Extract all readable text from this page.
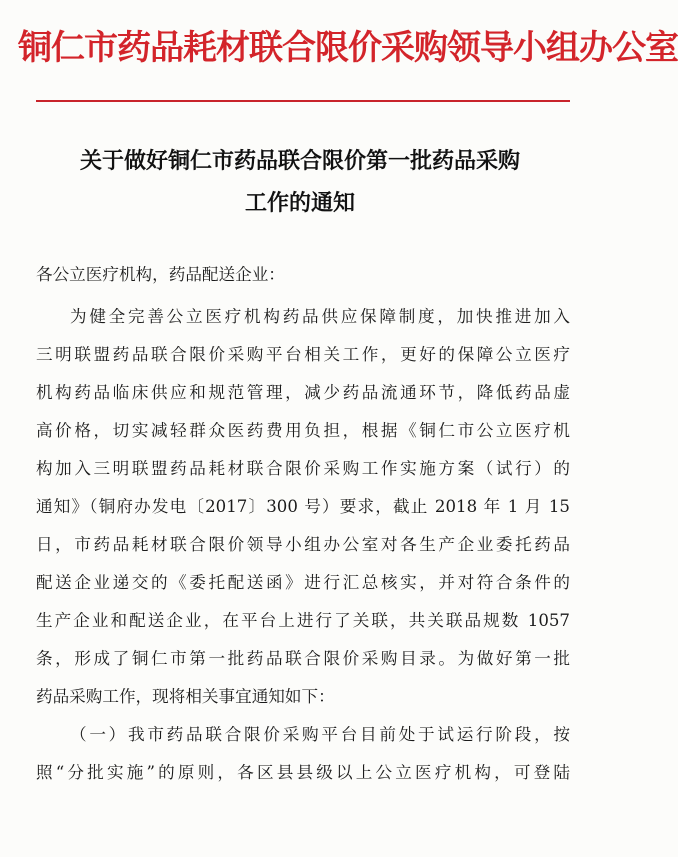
铜仁市药品耗材联合限价采购领导小组办公室
关于做好铜仁市药品联合限价第一批药品采购
工作的通知
各公立医疗机构，药品配送企业：
为健全完善公立医疗机构药品供应保障制度，加快推进加入
三明联盟药品联合限价采购平台相关工作，更好的保障公立医疗
机构药品临床供应和规范管理，减少药品流通环节，降低药品虚
高价格，切实减轻群众医药费用负担，根据《铜仁市公立医疗机
构加入三明联盟药品耗材联合限价采购工作实施方案（试行）的
通知》（铜府办发电〔2017〕300 号）要求，截止 2018 年 1 月 15
日，市药品耗材联合限价领导小组办公室对各生产企业委托药品
配送企业递交的《委托配送函》进行汇总核实，并对符合条件的
生产企业和配送企业，在平台上进行了关联，共关联品规数 1057
条，形成了铜仁市第一批药品联合限价采购目录。为做好第一批
药品采购工作，现将相关事宜通知如下：
（一）我市药品联合限价采购平台目前处于试运行阶段，按
照“分批实施”的原则，各区县县级以上公立医疗机构，可登陆
